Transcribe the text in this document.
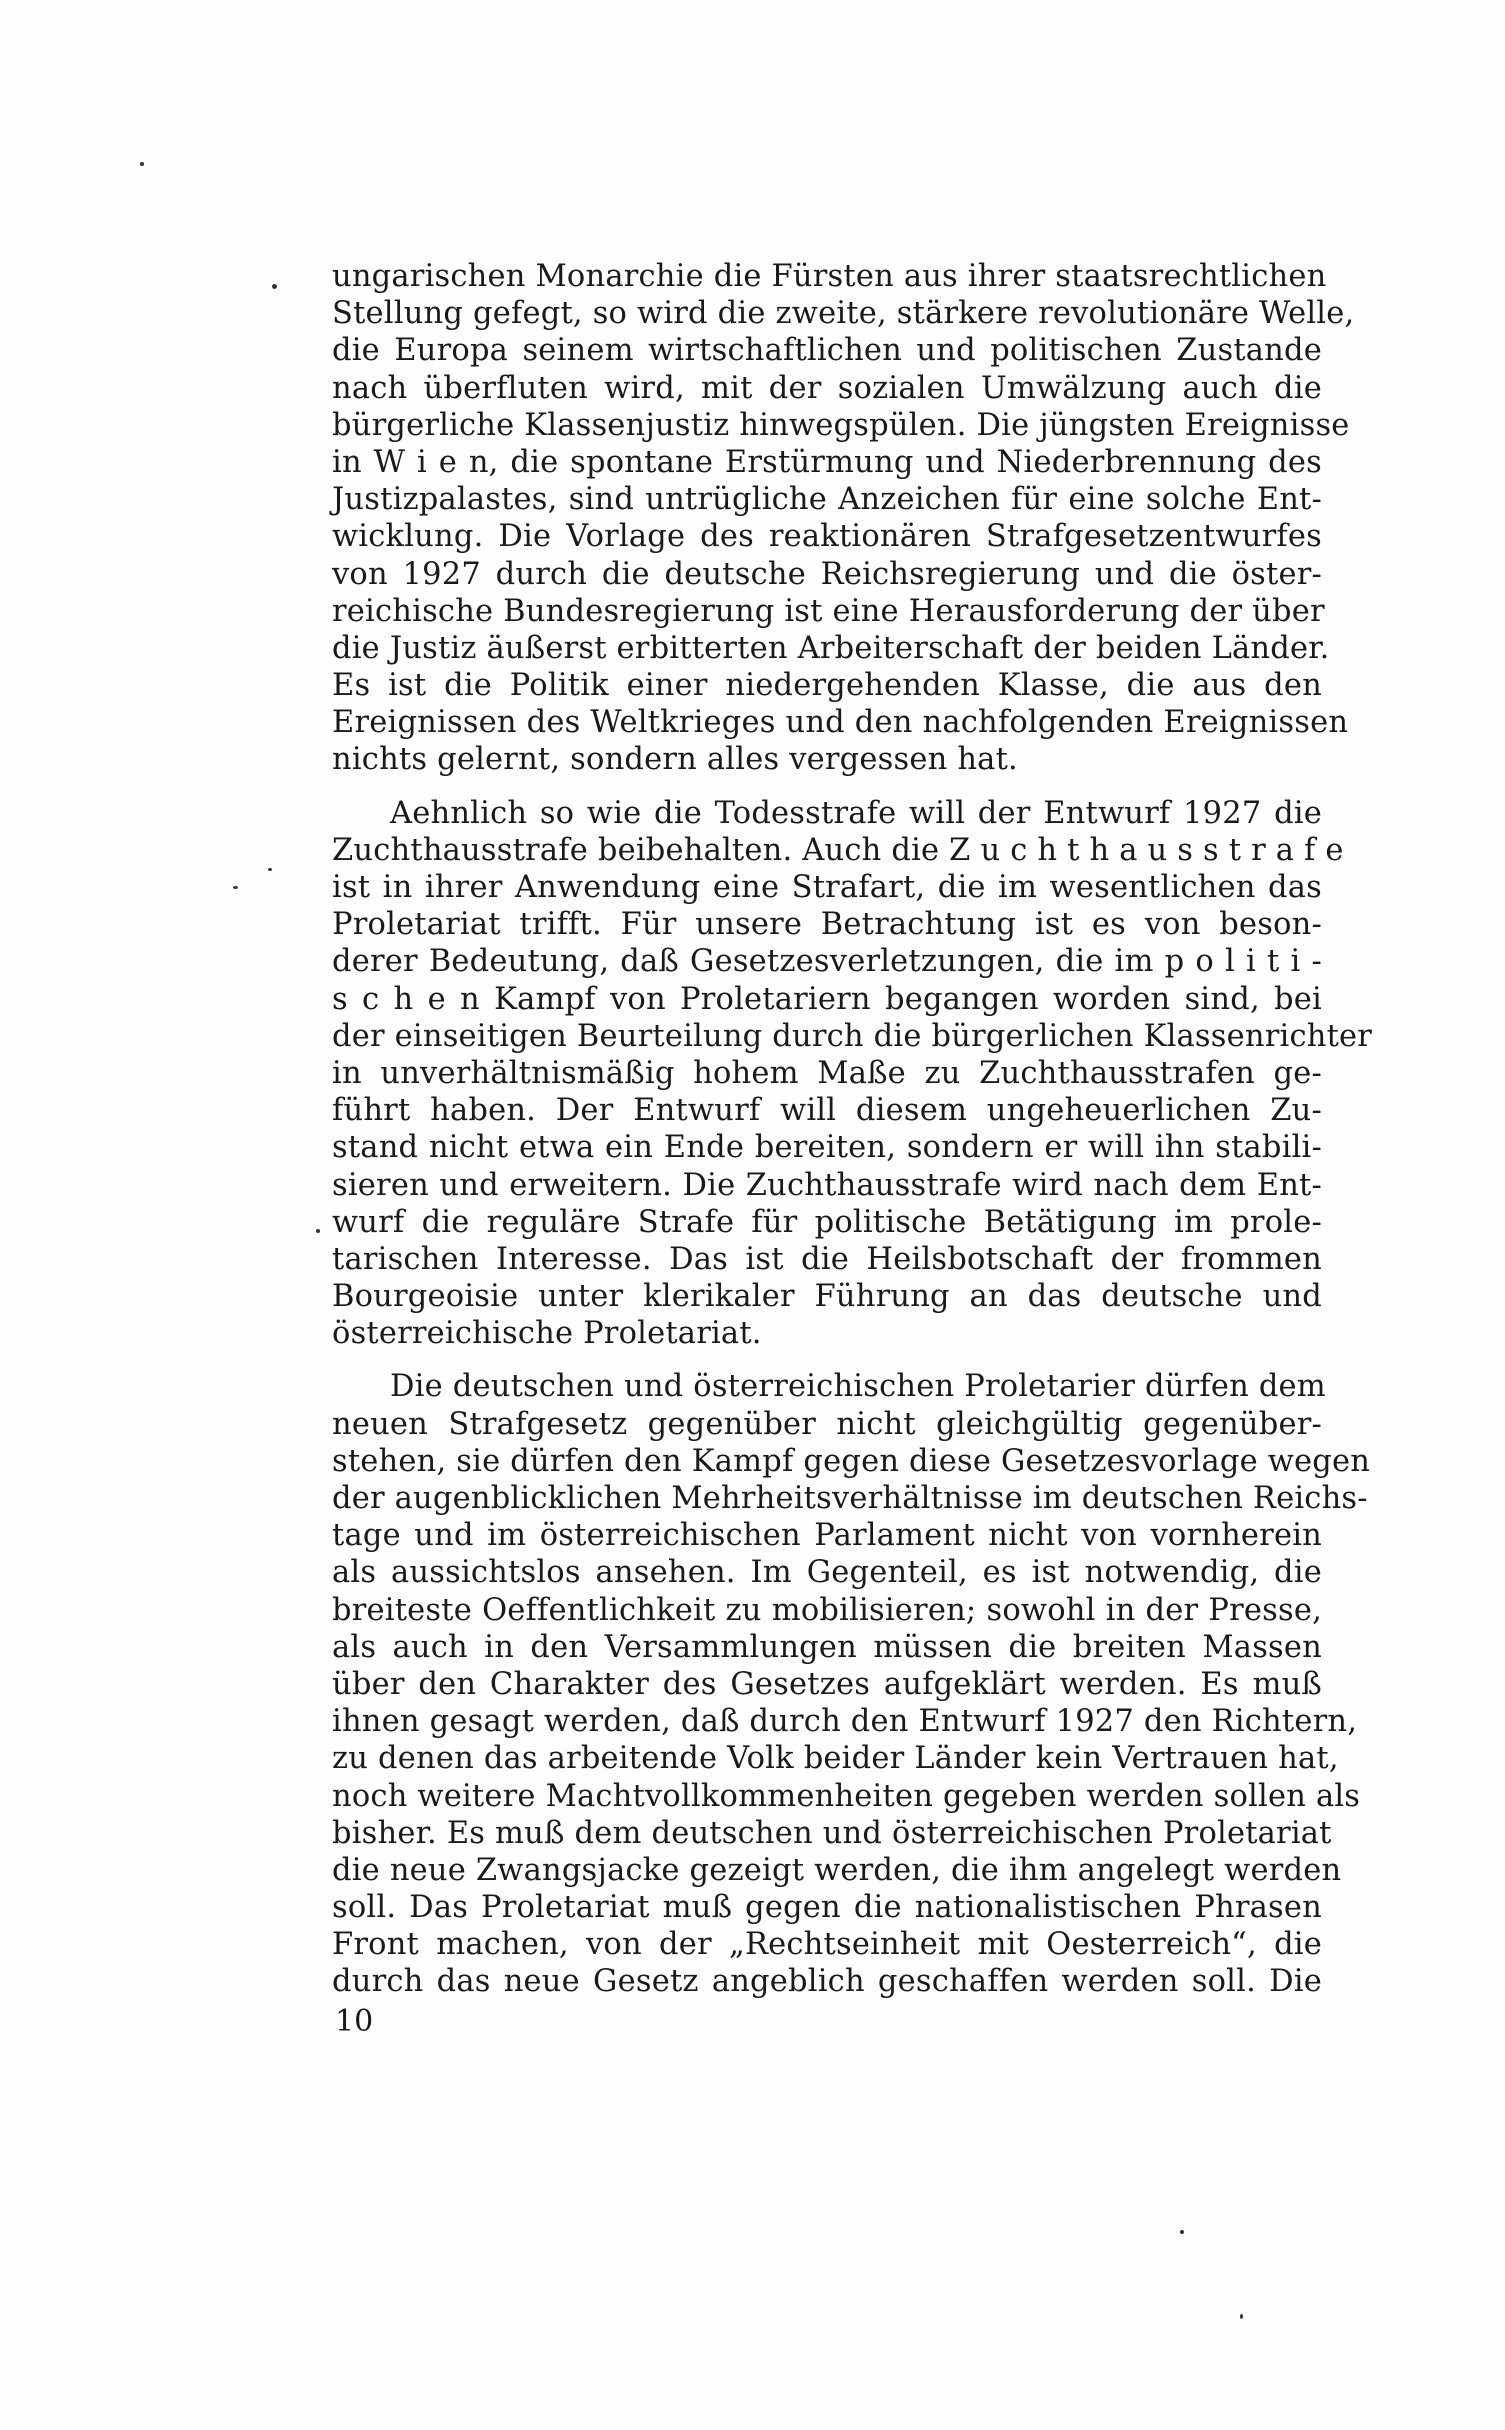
ungarischen Monarchie die Fürsten aus ihrer staatsrechtlichen
Stellung gefegt, so wird die zweite, stärkere revolutionäre Welle,
die Europa seinem wirtschaftlichen und politischen Zustande
nach überfluten wird, mit der sozialen Umwälzung auch die
bürgerliche Klassenjustiz hinwegspülen. Die jüngsten Ereignisse
in W i e n, die spontane Erstürmung und Niederbrennung des
Justizpalastes, sind untrügliche Anzeichen für eine solche Ent-
wicklung. Die Vorlage des reaktionären Strafgesetzentwurfes
von 1927 durch die deutsche Reichsregierung und die öster-
reichische Bundesregierung ist eine Herausforderung der über
die Justiz äußerst erbitterten Arbeiterschaft der beiden Länder.
Es ist die Politik einer niedergehenden Klasse, die aus den
Ereignissen des Weltkrieges und den nachfolgenden Ereignissen
nichts gelernt, sondern alles vergessen hat.
Aehnlich so wie die Todesstrafe will der Entwurf 1927 die
Zuchthausstrafe beibehalten. Auch die Z u c h t h a u s s t r a f e
ist in ihrer Anwendung eine Strafart, die im wesentlichen das
Proletariat trifft. Für unsere Betrachtung ist es von beson-
derer Bedeutung, daß Gesetzesverletzungen, die im p o l i t i -
s c h e n Kampf von Proletariern begangen worden sind, bei
der einseitigen Beurteilung durch die bürgerlichen Klassenrichter
in unverhältnismäßig hohem Maße zu Zuchthausstrafen ge-
führt haben. Der Entwurf will diesem ungeheuerlichen Zu-
stand nicht etwa ein Ende bereiten, sondern er will ihn stabili-
sieren und erweitern. Die Zuchthausstrafe wird nach dem Ent-
wurf die reguläre Strafe für politische Betätigung im prole-
tarischen Interesse. Das ist die Heilsbotschaft der frommen
Bourgeoisie unter klerikaler Führung an das deutsche und
österreichische Proletariat.
Die deutschen und österreichischen Proletarier dürfen dem
neuen Strafgesetz gegenüber nicht gleichgültig gegenüber-
stehen, sie dürfen den Kampf gegen diese Gesetzesvorlage wegen
der augenblicklichen Mehrheitsverhältnisse im deutschen Reichs-
tage und im österreichischen Parlament nicht von vornherein
als aussichtslos ansehen. Im Gegenteil, es ist notwendig, die
breiteste Oeffentlichkeit zu mobilisieren; sowohl in der Presse,
als auch in den Versammlungen müssen die breiten Massen
über den Charakter des Gesetzes aufgeklärt werden. Es muß
ihnen gesagt werden, daß durch den Entwurf 1927 den Richtern,
zu denen das arbeitende Volk beider Länder kein Vertrauen hat,
noch weitere Machtvollkommenheiten gegeben werden sollen als
bisher. Es muß dem deutschen und österreichischen Proletariat
die neue Zwangsjacke gezeigt werden, die ihm angelegt werden
soll. Das Proletariat muß gegen die nationalistischen Phrasen
Front machen, von der „Rechtseinheit mit Oesterreich“, die
durch das neue Gesetz angeblich geschaffen werden soll. Die
10
